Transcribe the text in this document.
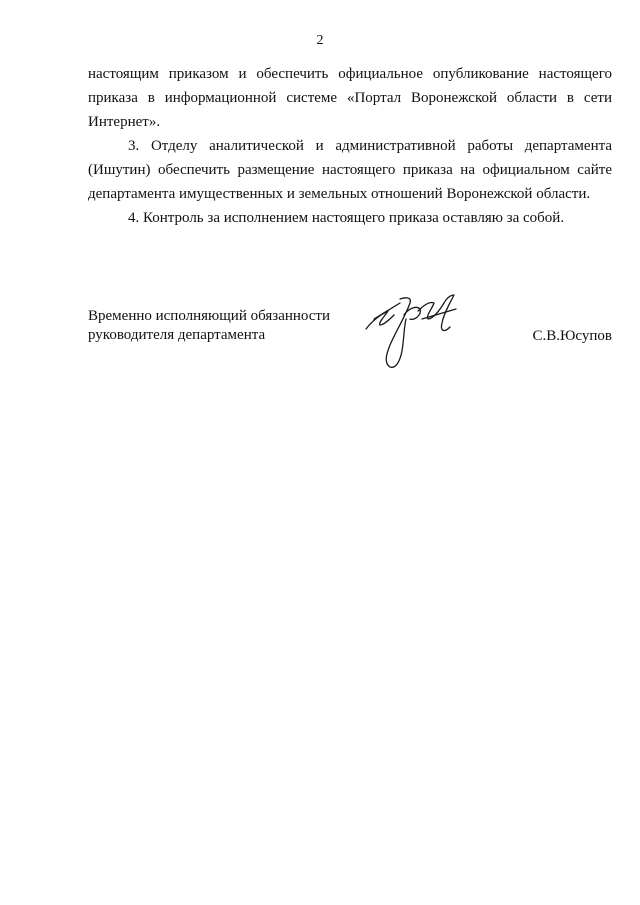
2

настоящим приказом и обеспечить официальное опубликование настоящего приказа в информационной системе «Портал Воронежской области в сети Интернет».

3. Отделу аналитической и административной работы департамента (Ишутин) обеспечить размещение настоящего приказа на официальном сайте департамента имущественных и земельных отношений Воронежской области.

4. Контроль за исполнением настоящего приказа оставляю за собой.

Временно исполняющий обязанности
руководителя департамента	С.В.Юсупов
